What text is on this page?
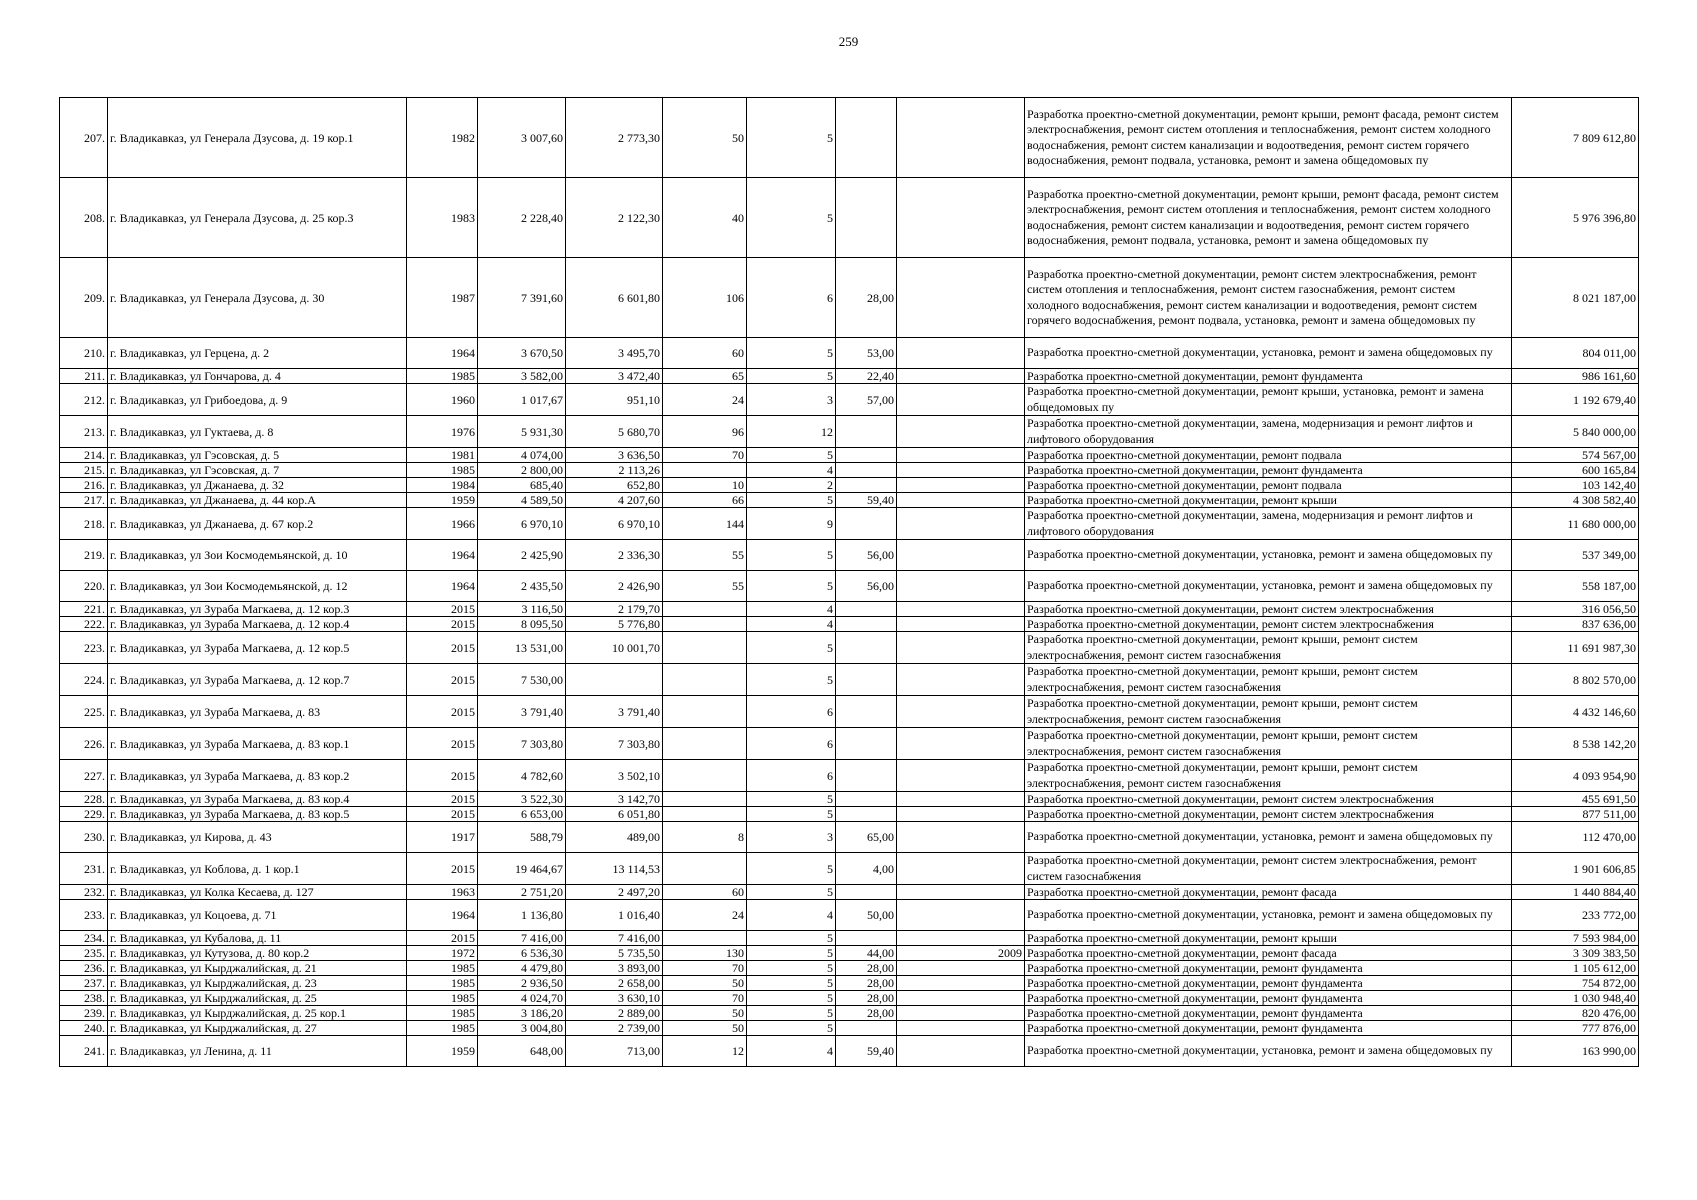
259
207.	г. Владикавказ, ул Генерала Дзусова, д. 19 кор.1	1982	3 007,60	2 773,30	50	5			Разработка проектно-сметной документации, ремонт крыши, ремонт фасада, ремонт систем электроснабжения, ремонт систем отопления и теплоснабжения, ремонт систем холодного водоснабжения, ремонт систем канализации и водоотведения, ремонт систем горячего водоснабжения, ремонт подвала, установка, ремонт и замена общедомовых пу	7 809 612,80
208.	г. Владикавказ, ул Генерала Дзусова, д. 25 кор.3	1983	2 228,40	2 122,30	40	5			Разработка проектно-сметной документации, ремонт крыши, ремонт фасада, ремонт систем электроснабжения, ремонт систем отопления и теплоснабжения, ремонт систем холодного водоснабжения, ремонт систем канализации и водоотведения, ремонт систем горячего водоснабжения, ремонт подвала, установка, ремонт и замена общедомовых пу	5 976 396,80
209.	г. Владикавказ, ул Генерала Дзусова, д. 30	1987	7 391,60	6 601,80	106	6	28,00		Разработка проектно-сметной документации, ремонт систем электроснабжения, ремонт систем отопления и теплоснабжения, ремонт систем газоснабжения, ремонт систем холодного водоснабжения, ремонт систем канализации и водоотведения, ремонт систем горячего водоснабжения, ремонт подвала, установка, ремонт и замена общедомовых пу	8 021 187,00
210.	г. Владикавказ, ул Герцена, д. 2	1964	3 670,50	3 495,70	60	5	53,00		Разработка проектно-сметной документации, установка, ремонт и замена общедомовых пу	804 011,00
211.	г. Владикавказ, ул Гончарова, д. 4	1985	3 582,00	3 472,40	65	5	22,40		Разработка проектно-сметной документации, ремонт фундамента	986 161,60
212.	г. Владикавказ, ул Грибоедова, д. 9	1960	1 017,67	951,10	24	3	57,00		Разработка проектно-сметной документации, ремонт крыши, установка, ремонт и замена общедомовых пу	1 192 679,40
213.	г. Владикавказ, ул Гуктаева, д. 8	1976	5 931,30	5 680,70	96	12			Разработка проектно-сметной документации, замена, модернизация и ремонт лифтов и лифтового оборудования	5 840 000,00
214.	г. Владикавказ, ул Гэсовская, д. 5	1981	4 074,00	3 636,50	70	5			Разработка проектно-сметной документации, ремонт подвала	574 567,00
215.	г. Владикавказ, ул Гэсовская, д. 7	1985	2 800,00	2 113,26		4			Разработка проектно-сметной документации, ремонт фундамента	600 165,84
216.	г. Владикавказ, ул Джанаева, д. 32	1984	685,40	652,80	10	2			Разработка проектно-сметной документации, ремонт подвала	103 142,40
217.	г. Владикавказ, ул Джанаева, д. 44 кор.А	1959	4 589,50	4 207,60	66	5	59,40		Разработка проектно-сметной документации, ремонт крыши	4 308 582,40
218.	г. Владикавказ, ул Джанаева, д. 67 кор.2	1966	6 970,10	6 970,10	144	9			Разработка проектно-сметной документации, замена, модернизация и ремонт лифтов и лифтового оборудования	11 680 000,00
219.	г. Владикавказ, ул Зои Космодемьянской, д. 10	1964	2 425,90	2 336,30	55	5	56,00		Разработка проектно-сметной документации, установка, ремонт и замена общедомовых пу	537 349,00
220.	г. Владикавказ, ул Зои Космодемьянской, д. 12	1964	2 435,50	2 426,90	55	5	56,00		Разработка проектно-сметной документации, установка, ремонт и замена общедомовых пу	558 187,00
221.	г. Владикавказ, ул Зураба Магкаева, д. 12 кор.3	2015	3 116,50	2 179,70		4			Разработка проектно-сметной документации, ремонт систем электроснабжения	316 056,50
222.	г. Владикавказ, ул Зураба Магкаева, д. 12 кор.4	2015	8 095,50	5 776,80		4			Разработка проектно-сметной документации, ремонт систем электроснабжения	837 636,00
223.	г. Владикавказ, ул Зураба Магкаева, д. 12 кор.5	2015	13 531,00	10 001,70		5			Разработка проектно-сметной документации, ремонт крыши, ремонт систем электроснабжения, ремонт систем газоснабжения	11 691 987,30
224.	г. Владикавказ, ул Зураба Магкаева, д. 12 кор.7	2015	7 530,00			5			Разработка проектно-сметной документации, ремонт крыши, ремонт систем электроснабжения, ремонт систем газоснабжения	8 802 570,00
225.	г. Владикавказ, ул Зураба Магкаева, д. 83	2015	3 791,40	3 791,40		6			Разработка проектно-сметной документации, ремонт крыши, ремонт систем электроснабжения, ремонт систем газоснабжения	4 432 146,60
226.	г. Владикавказ, ул Зураба Магкаева, д. 83 кор.1	2015	7 303,80	7 303,80		6			Разработка проектно-сметной документации, ремонт крыши, ремонт систем электроснабжения, ремонт систем газоснабжения	8 538 142,20
227.	г. Владикавказ, ул Зураба Магкаева, д. 83 кор.2	2015	4 782,60	3 502,10		6			Разработка проектно-сметной документации, ремонт крыши, ремонт систем электроснабжения, ремонт систем газоснабжения	4 093 954,90
228.	г. Владикавказ, ул Зураба Магкаева, д. 83 кор.4	2015	3 522,30	3 142,70		5			Разработка проектно-сметной документации, ремонт систем электроснабжения	455 691,50
229.	г. Владикавказ, ул Зураба Магкаева, д. 83 кор.5	2015	6 653,00	6 051,80		5			Разработка проектно-сметной документации, ремонт систем электроснабжения	877 511,00
230.	г. Владикавказ, ул Кирова, д. 43	1917	588,79	489,00	8	3	65,00		Разработка проектно-сметной документации, установка, ремонт и замена общедомовых пу	112 470,00
231.	г. Владикавказ, ул Коблова, д. 1 кор.1	2015	19 464,67	13 114,53		5	4,00		Разработка проектно-сметной документации, ремонт систем электроснабжения, ремонт систем газоснабжения	1 901 606,85
232.	г. Владикавказ, ул Колка Кесаева, д. 127	1963	2 751,20	2 497,20	60	5			Разработка проектно-сметной документации, ремонт фасада	1 440 884,40
233.	г. Владикавказ, ул Коцоева, д. 71	1964	1 136,80	1 016,40	24	4	50,00		Разработка проектно-сметной документации, установка, ремонт и замена общедомовых пу	233 772,00
234.	г. Владикавказ, ул Кубалова, д. 11	2015	7 416,00	7 416,00		5			Разработка проектно-сметной документации, ремонт крыши	7 593 984,00
235.	г. Владикавказ, ул Кутузова, д. 80 кор.2	1972	6 536,30	5 735,50	130	5	44,00	2009	Разработка проектно-сметной документации, ремонт фасада	3 309 383,50
236.	г. Владикавказ, ул Кырджалийская, д. 21	1985	4 479,80	3 893,00	70	5	28,00		Разработка проектно-сметной документации, ремонт фундамента	1 105 612,00
237.	г. Владикавказ, ул Кырджалийская, д. 23	1985	2 936,50	2 658,00	50	5	28,00		Разработка проектно-сметной документации, ремонт фундамента	754 872,00
238.	г. Владикавказ, ул Кырджалийская, д. 25	1985	4 024,70	3 630,10	70	5	28,00		Разработка проектно-сметной документации, ремонт фундамента	1 030 948,40
239.	г. Владикавказ, ул Кырджалийская, д. 25 кор.1	1985	3 186,20	2 889,00	50	5	28,00		Разработка проектно-сметной документации, ремонт фундамента	820 476,00
240.	г. Владикавказ, ул Кырджалийская, д. 27	1985	3 004,80	2 739,00	50	5			Разработка проектно-сметной документации, ремонт фундамента	777 876,00
241.	г. Владикавказ, ул Ленина, д. 11	1959	648,00	713,00	12	4	59,40		Разработка проектно-сметной документации, установка, ремонт и замена общедомовых пу	163 990,00
